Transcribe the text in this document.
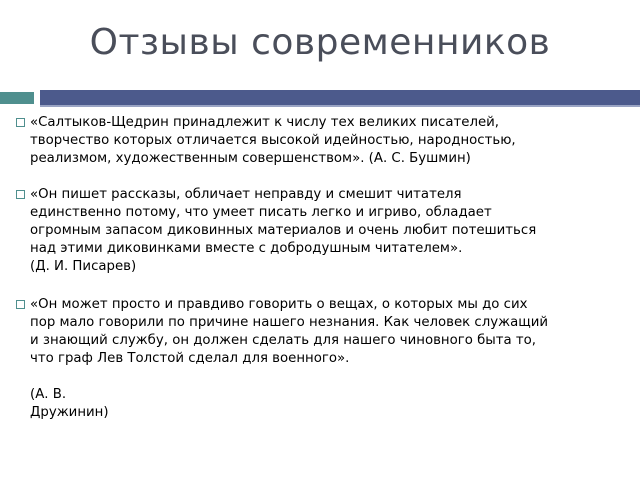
Отзывы современников
«Салтыков-Щедрин принадлежит к числу тех великих писателей,
творчество которых отличается высокой идейностью, народностью,
реализмом, художественным совершенством». (А. С. Бушмин)
«Он пишет рассказы, обличает неправду и смешит читателя
единственно потому, что умеет писать легко и игриво, обладает
огромным запасом диковинных материалов и очень любит потешиться
над этими диковинками вместе с добродушным читателем».
(Д. И. Писарев)
«Он может просто и правдиво говорить о вещах, о которых мы до сих
пор мало говорили по причине нашего незнания. Как человек служащий
и знающий службу, он должен сделать для нашего чиновного быта то,
что граф Лев Толстой сделал для военного».

(А. В.
Дружинин)
